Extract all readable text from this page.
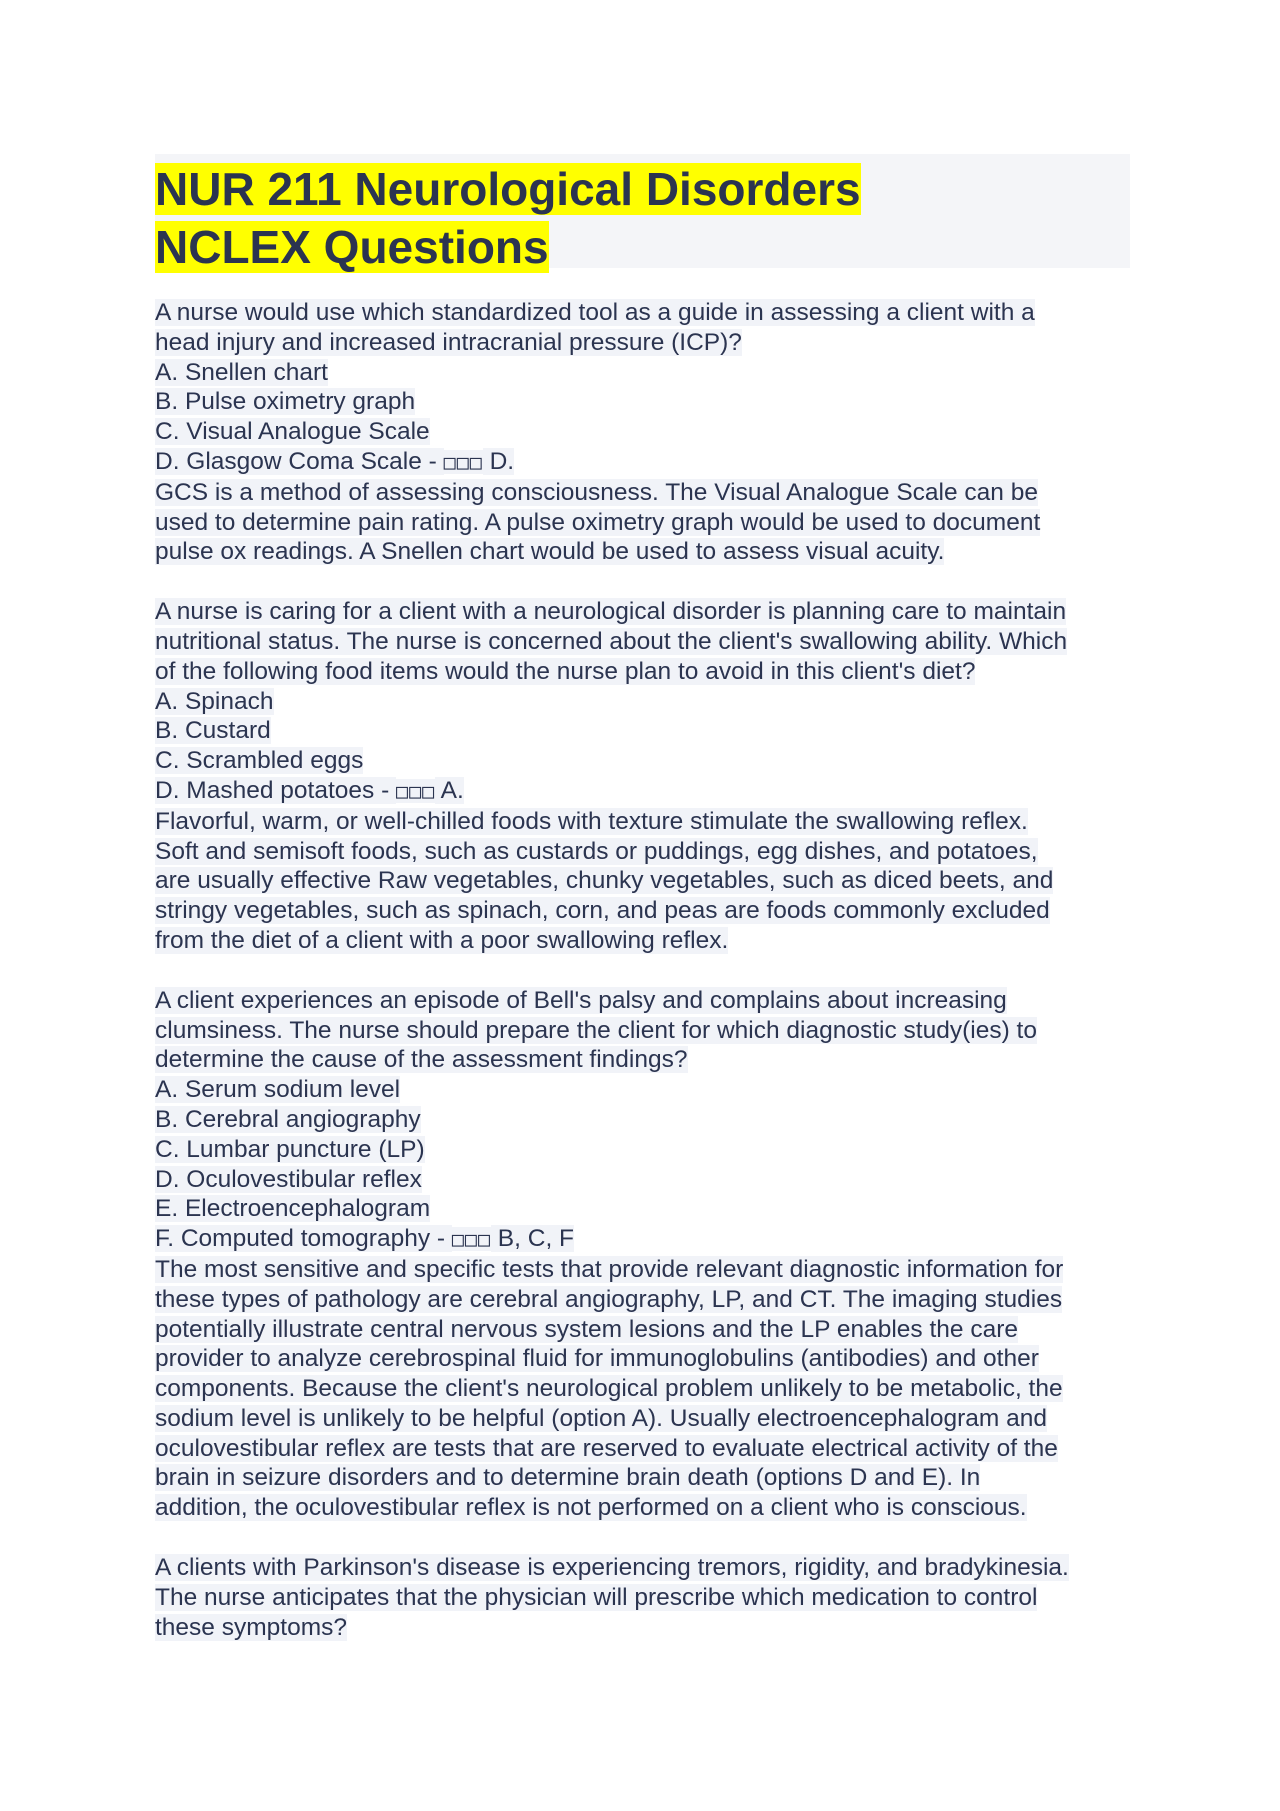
NUR 211 Neurological Disorders
NCLEX Questions
A nurse would use which standardized tool as a guide in assessing a client with a
head injury and increased intracranial pressure (ICP)?
A. Snellen chart
B. Pulse oximetry graph
C. Visual Analogue Scale
D. Glasgow Coma Scale - □□□ D.
GCS is a method of assessing consciousness. The Visual Analogue Scale can be
used to determine pain rating. A pulse oximetry graph would be used to document
pulse ox readings. A Snellen chart would be used to assess visual acuity.
A nurse is caring for a client with a neurological disorder is planning care to maintain
nutritional status. The nurse is concerned about the client's swallowing ability. Which
of the following food items would the nurse plan to avoid in this client's diet?
A. Spinach
B. Custard
C. Scrambled eggs
D. Mashed potatoes - □□□ A.
Flavorful, warm, or well-chilled foods with texture stimulate the swallowing reflex.
Soft and semisoft foods, such as custards or puddings, egg dishes, and potatoes,
are usually effective Raw vegetables, chunky vegetables, such as diced beets, and
stringy vegetables, such as spinach, corn, and peas are foods commonly excluded
from the diet of a client with a poor swallowing reflex.
A client experiences an episode of Bell's palsy and complains about increasing
clumsiness. The nurse should prepare the client for which diagnostic study(ies) to
determine the cause of the assessment findings?
A. Serum sodium level
B. Cerebral angiography
C. Lumbar puncture (LP)
D. Oculovestibular reflex
E. Electroencephalogram
F. Computed tomography - □□□ B, C, F
The most sensitive and specific tests that provide relevant diagnostic information for
these types of pathology are cerebral angiography, LP, and CT. The imaging studies
potentially illustrate central nervous system lesions and the LP enables the care
provider to analyze cerebrospinal fluid for immunoglobulins (antibodies) and other
components. Because the client's neurological problem unlikely to be metabolic, the
sodium level is unlikely to be helpful (option A). Usually electroencephalogram and
oculovestibular reflex are tests that are reserved to evaluate electrical activity of the
brain in seizure disorders and to determine brain death (options D and E). In
addition, the oculovestibular reflex is not performed on a client who is conscious.
A clients with Parkinson's disease is experiencing tremors, rigidity, and bradykinesia.
The nurse anticipates that the physician will prescribe which medication to control
these symptoms?
